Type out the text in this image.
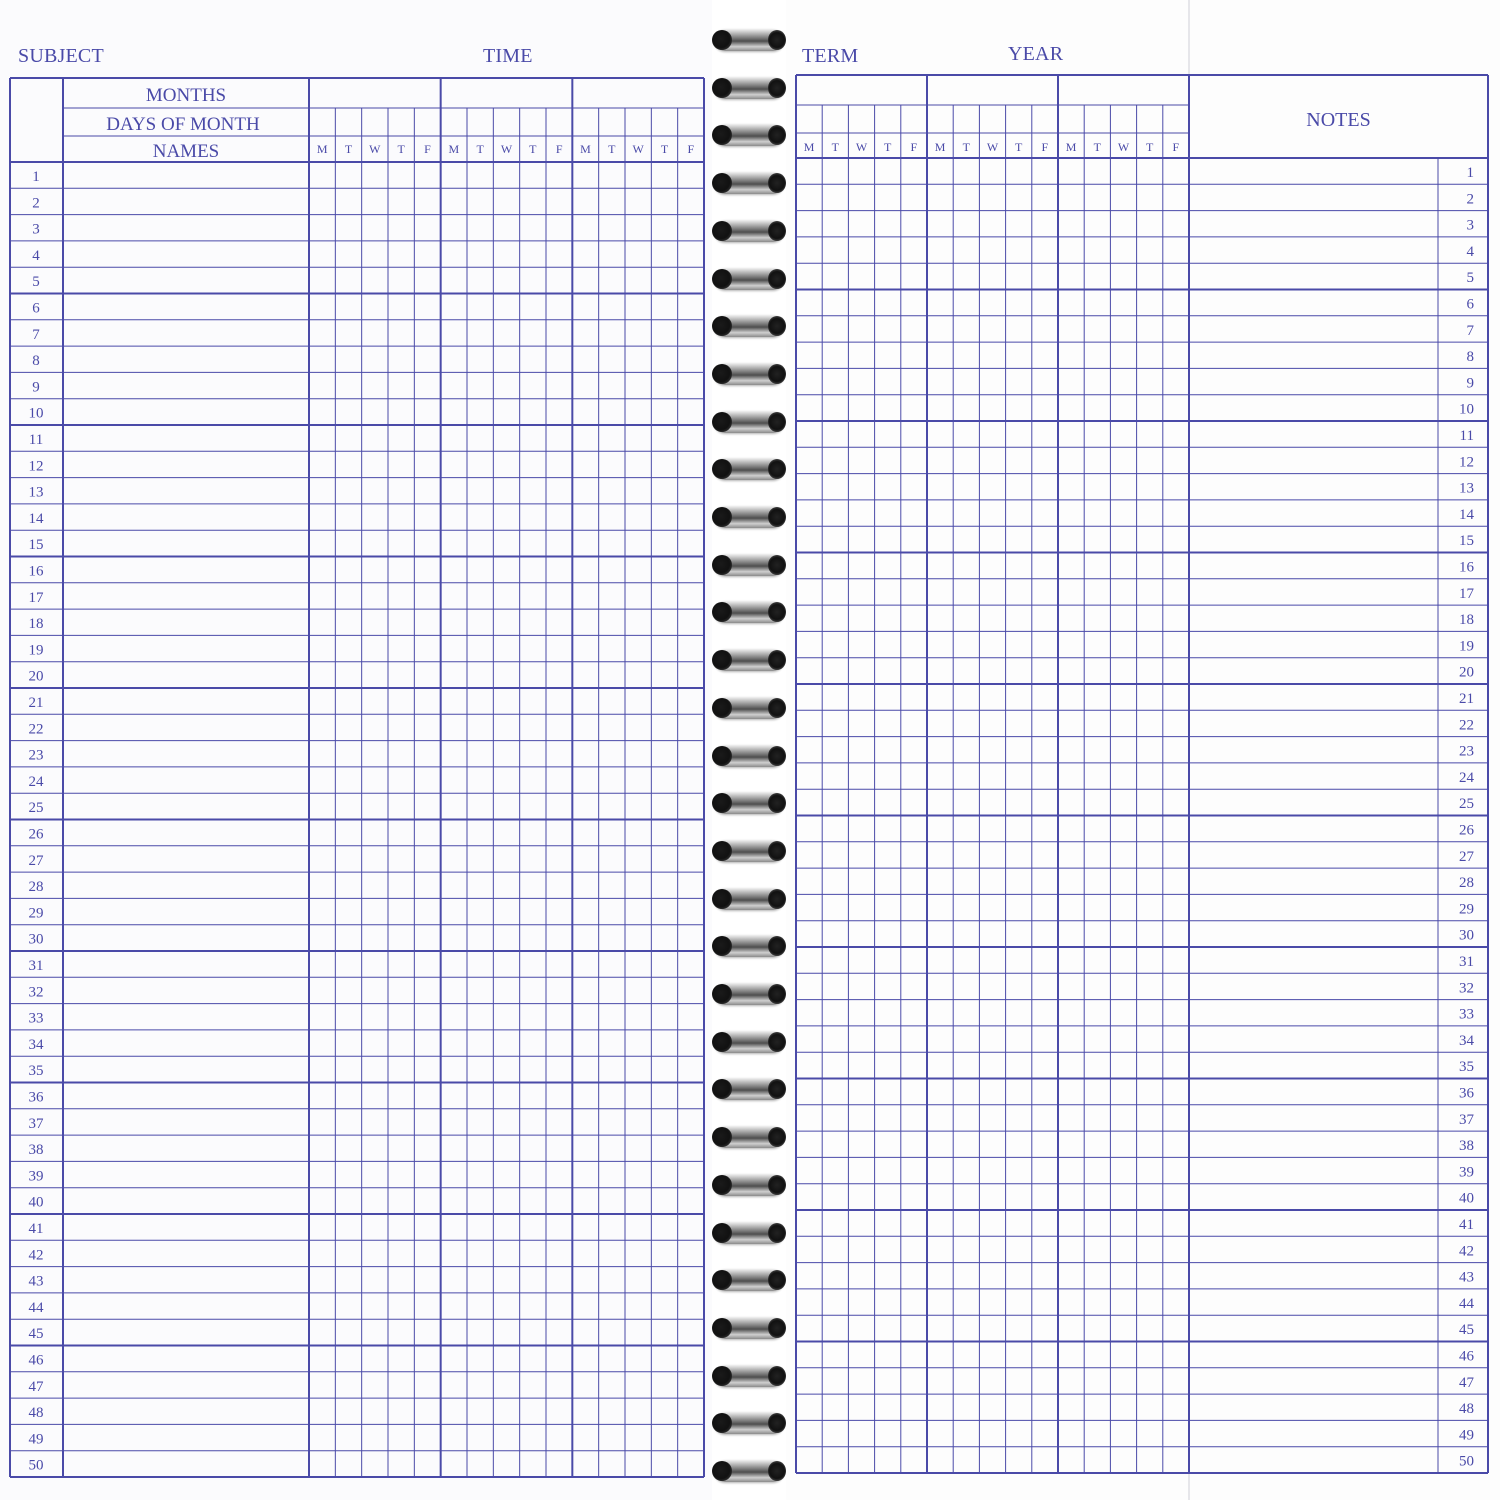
SUBJECT	TIME	TERM	YEAR
MONTHS
DAYS OF MONTH
NAMES	M T W T F M T W T F M T W T F
1
2
3
4
5
6
7
8
9
10
11
12
13
14
15
16
17
18
19
20
21
22
23
24
25
26
27
28
29
30
31
32
33
34
35
36
37
38
39
40
41
42
43
44
45
46
47
48
49
50
NOTES
M T W T F M T W T F M T W T F
1
2
3
4
5
6
7
8
9
10
11
12
13
14
15
16
17
18
19
20
21
22
23
24
25
26
27
28
29
30
31
32
33
34
35
36
37
38
39
40
41
42
43
44
45
46
47
48
49
50
